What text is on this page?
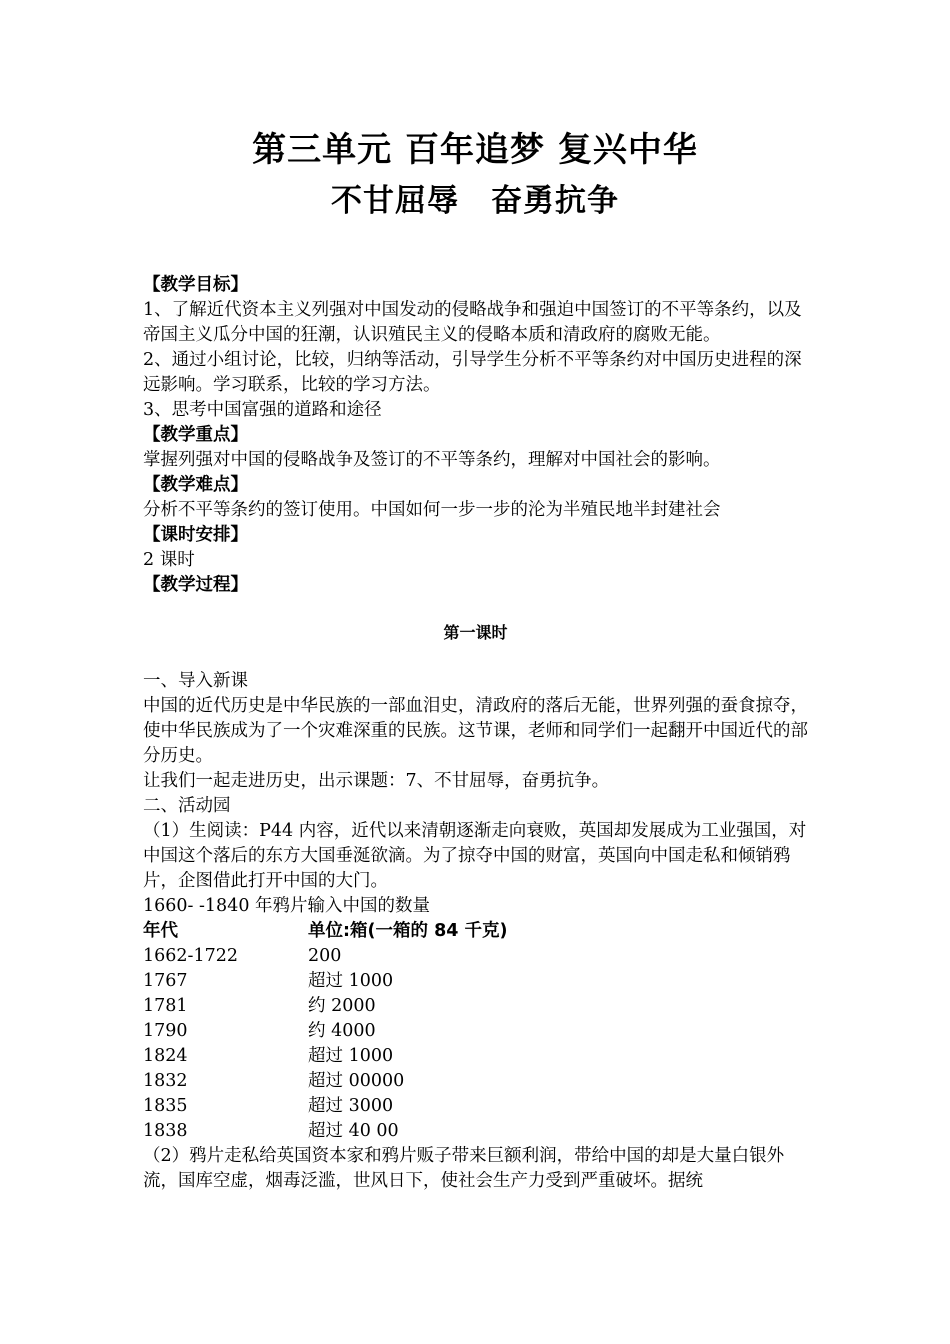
第三单元 百年追梦 复兴中华
不甘屈辱　奋勇抗争

【教学目标】

1、了解近代资本主义列强对中国发动的侵略战争和强迫中国签订的不平等条约，以及帝国主义瓜分中国的狂潮，认识殖民主义的侵略本质和清政府的腐败无能。

2、通过小组讨论，比较，归纳等活动，引导学生分析不平等条约对中国历史进程的深远影响。学习联系，比较的学习方法。

3、思考中国富强的道路和途径

【教学重点】

掌握列强对中国的侵略战争及签订的不平等条约，理解对中国社会的影响。

【教学难点】

分析不平等条约的签订使用。中国如何一步一步的沦为半殖民地半封建社会

【课时安排】

2 课时

【教学过程】

第一课时

一、导入新课

中国的近代历史是中华民族的一部血泪史，清政府的落后无能，世界列强的蚕食掠夺，使中华民族成为了一个灾难深重的民族。这节课，老师和同学们一起翻开中国近代的部分历史。

让我们一起走进历史，出示课题：7、不甘屈辱，奋勇抗争。

二、活动园

（1）生阅读：P44 内容，近代以来清朝逐渐走向衰败，英国却发展成为工业强国，对中国这个落后的东方大国垂涎欲滴。为了掠夺中国的财富，英国向中国走私和倾销鸦片，企图借此打开中国的大门。

1660- -1840 年鸦片输入中国的数量

年代	单位:箱(一箱的 84 千克)
1662-1722	200
1767	超过 1000
1781	约 2000
1790	约 4000
1824	超过 1000
1832	超过 00000
1835	超过 3000
1838	超过 40 00

（2）鸦片走私给英国资本家和鸦片贩子带来巨额利润，带给中国的却是大量白银外流，国库空虚，烟毒泛滥，世风日下，使社会生产力受到严重破坏。据统
